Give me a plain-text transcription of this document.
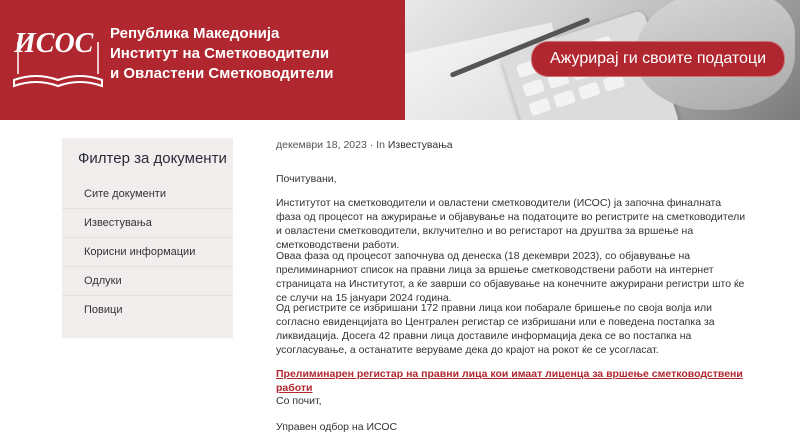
ИСОС Република Македонија
Институт на Сметководители
и Овластени Сметководители
Ажурирај ги своите податоци
Филтер за документи
Сите документи
Известувања
Корисни информации
Одлуки
Повици

декември 18, 2023 · In Известувања

Почитувани,

Институтот на сметководители и овластени сметководители (ИСОС) ја започна финалната фаза од процесот на ажурирање и објавување на податоците во регистрите на сметководители и овластени сметководители, вклучително и во регистарот на друштва за вршење на сметководствени работи.

Оваа фаза од процесот започнува од денеска (18 декември 2023), со објавување на прелиминарниот список на правни лица за вршење сметководствени работи на интернет страницата на Институтот, а ќе заврши со објавување на конечните ажурирани регистри што ќе се случи на 15 јануари 2024 година.

Од регистрите се избришани 172 правни лица кои побарале бришење по своја волја или согласно евиденцијата во Централен регистар се избришани или е поведена постапка за ликвидација. Досега 42 правни лица доставиле информација дека се во постапка на усогласување, а останатите веруваме дека до крајот на рокот ќе се усогласат.

Прелиминарен регистар на правни лица кои имаат лиценца за вршење сметководствени работи

Со почит,

Управен одбор на ИСОС
